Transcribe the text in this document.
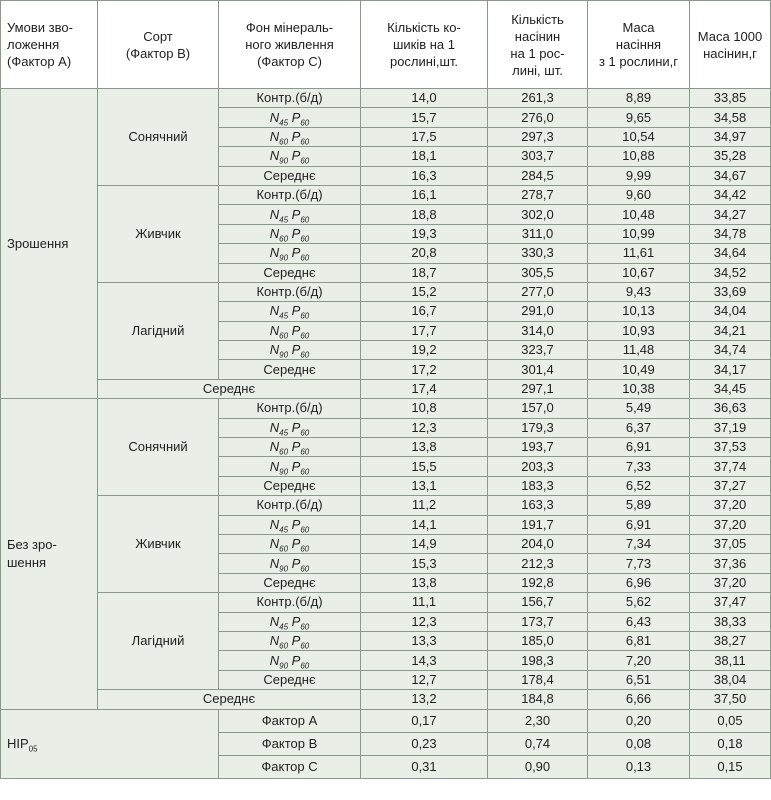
Умови зво-
ложення
(Фактор А)	Сорт
(Фактор В)	Фон мінераль-
ного живлення
(Фактор С)	Кількість ко-
шиків на 1
рослині,шт.	Кількість
насінин
на 1 рос-
лині, шт.	Маса
насіння
з 1 рослини,г	Маса 1000
насінин,г
Зрошення	Сонячний	Контр.(б/д)	14,0	261,3	8,89	33,85
		$N_{45}$ $P_{60}$	15,7	276,0	9,65	34,58
		$N_{60}$ $P_{60}$	17,5	297,3	10,54	34,97
		$N_{90}$ $P_{60}$	18,1	303,7	10,88	35,28
		Середнє	16,3	284,5	9,99	34,67
	Живчик	Контр.(б/д)	16,1	278,7	9,60	34,42
		$N_{45}$ $P_{60}$	18,8	302,0	10,48	34,27
		$N_{60}$ $P_{60}$	19,3	311,0	10,99	34,78
		$N_{90}$ $P_{60}$	20,8	330,3	11,61	34,64
		Середнє	18,7	305,5	10,67	34,52
	Лагідний	Контр.(б/д)	15,2	277,0	9,43	33,69
		$N_{45}$ $P_{60}$	16,7	291,0	10,13	34,04
		$N_{60}$ $P_{60}$	17,7	314,0	10,93	34,21
		$N_{90}$ $P_{60}$	19,2	323,7	11,48	34,74
		Середнє	17,2	301,4	10,49	34,17
	Середнє		17,4	297,1	10,38	34,45
Без зро-
шення	Сонячний	Контр.(б/д)	10,8	157,0	5,49	36,63
		$N_{45}$ $P_{60}$	12,3	179,3	6,37	37,19
		$N_{60}$ $P_{60}$	13,8	193,7	6,91	37,53
		$N_{90}$ $P_{60}$	15,5	203,3	7,33	37,74
		Середнє	13,1	183,3	6,52	37,27
	Живчик	Контр.(б/д)	11,2	163,3	5,89	37,20
		$N_{45}$ $P_{60}$	14,1	191,7	6,91	37,20
		$N_{60}$ $P_{60}$	14,9	204,0	7,34	37,05
		$N_{90}$ $P_{60}$	15,3	212,3	7,73	37,36
		Середнє	13,8	192,8	6,96	37,20
	Лагідний	Контр.(б/д)	11,1	156,7	5,62	37,47
		$N_{45}$ $P_{60}$	12,3	173,7	6,43	38,33
		$N_{60}$ $P_{60}$	13,3	185,0	6,81	38,27
		$N_{90}$ $P_{60}$	14,3	198,3	7,20	38,11
		Середнє	12,7	178,4	6,51	38,04
	Середнє		13,2	184,8	6,66	37,50
$НІР_{05}$		Фактор А	0,17	2,30	0,20	0,05
		Фактор В	0,23	0,74	0,08	0,18
		Фактор С	0,31	0,90	0,13	0,15
